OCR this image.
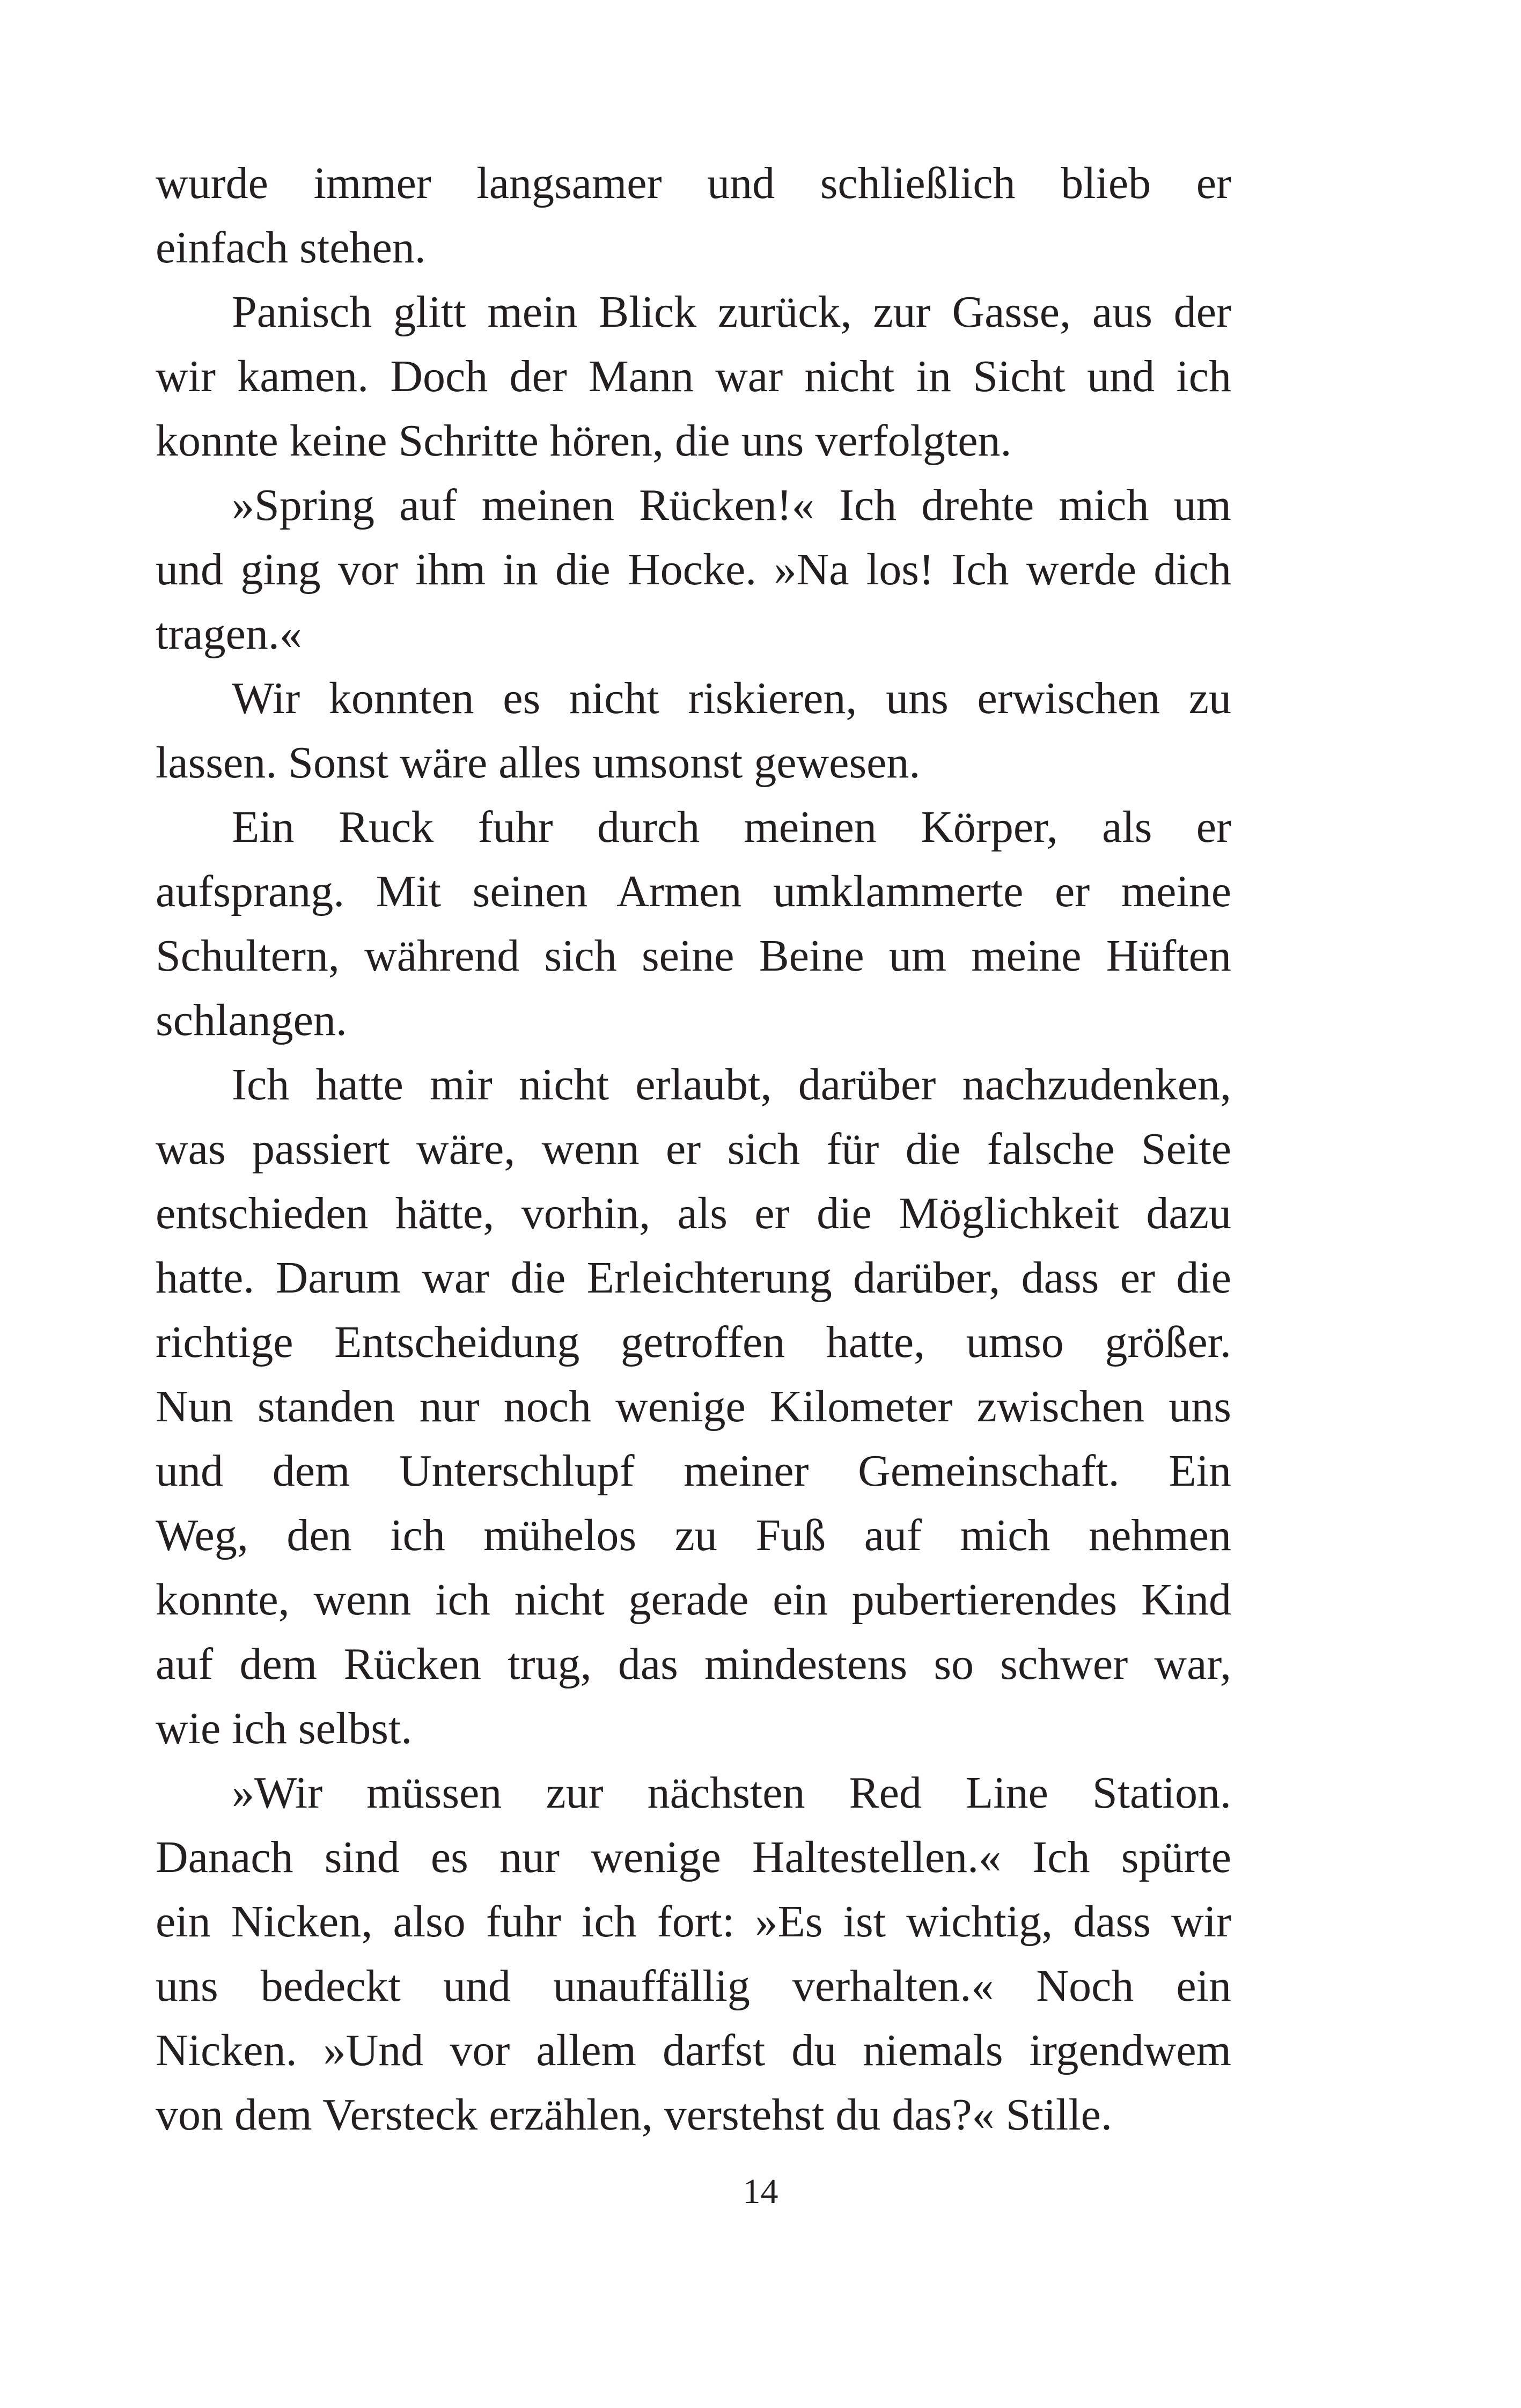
wurde immer langsamer und schließlich blieb er
einfach stehen.
Panisch glitt mein Blick zurück, zur Gasse, aus der
wir kamen. Doch der Mann war nicht in Sicht und ich
konnte keine Schritte hören, die uns verfolgten.
»Spring auf meinen Rücken!« Ich drehte mich um
und ging vor ihm in die Hocke. »Na los! Ich werde dich
tragen.«
Wir konnten es nicht riskieren, uns erwischen zu
lassen. Sonst wäre alles umsonst gewesen.
Ein Ruck fuhr durch meinen Körper, als er
aufsprang. Mit seinen Armen umklammerte er meine
Schultern, während sich seine Beine um meine Hüften
schlangen.
Ich hatte mir nicht erlaubt, darüber nachzudenken,
was passiert wäre, wenn er sich für die falsche Seite
entschieden hätte, vorhin, als er die Möglichkeit dazu
hatte. Darum war die Erleichterung darüber, dass er die
richtige Entscheidung getroffen hatte, umso größer.
Nun standen nur noch wenige Kilometer zwischen uns
und dem Unterschlupf meiner Gemeinschaft. Ein
Weg, den ich mühelos zu Fuß auf mich nehmen
konnte, wenn ich nicht gerade ein pubertierendes Kind
auf dem Rücken trug, das mindestens so schwer war,
wie ich selbst.
»Wir müssen zur nächsten Red Line Station.
Danach sind es nur wenige Haltestellen.« Ich spürte
ein Nicken, also fuhr ich fort: »Es ist wichtig, dass wir
uns bedeckt und unauffällig verhalten.« Noch ein
Nicken. »Und vor allem darfst du niemals irgendwem
von dem Versteck erzählen, verstehst du das?« Stille.
14
